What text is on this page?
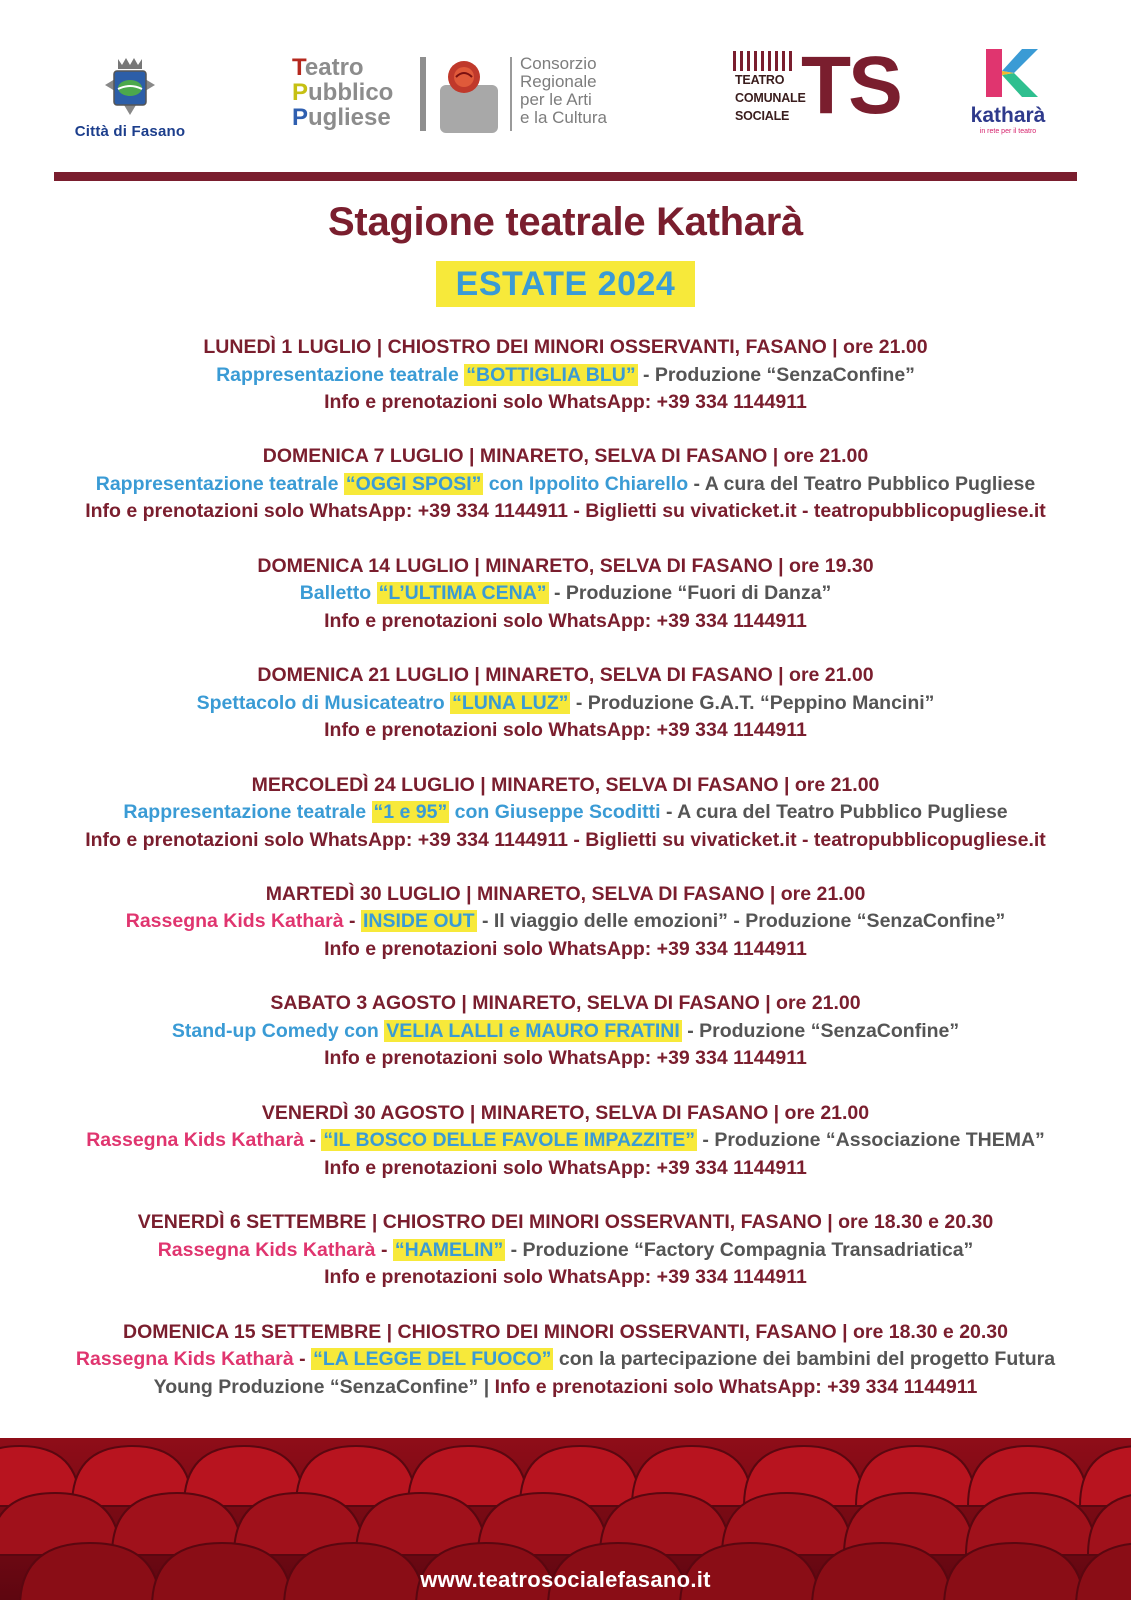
Città di Fasano
Teatro
Pubblico
Pugliese
Consorzio
Regionale
per le Arti
e la Cultura
TEATRO
COMUNALE
SOCIALE TS	katharà
in rete per il teatro
Stagione teatrale Katharà
ESTATE 2024
LUNEDÌ 1 LUGLIO | CHIOSTRO DEI MINORI OSSERVANTI, FASANO | ore 21.00
Rappresentazione teatrale “BOTTIGLIA BLU” - Produzione “SenzaConfine”
Info e prenotazioni solo WhatsApp: +39 334 1144911
DOMENICA 7 LUGLIO | MINARETO, SELVA DI FASANO | ore 21.00
Rappresentazione teatrale “OGGI SPOSI” con Ippolito Chiarello - A cura del Teatro Pubblico Pugliese
Info e prenotazioni solo WhatsApp: +39 334 1144911 - Biglietti su vivaticket.it - teatropubblicopugliese.it
DOMENICA 14 LUGLIO | MINARETO, SELVA DI FASANO | ore 19.30
Balletto “L’ULTIMA CENA” - Produzione “Fuori di Danza”
Info e prenotazioni solo WhatsApp: +39 334 1144911
DOMENICA 21 LUGLIO | MINARETO, SELVA DI FASANO | ore 21.00
Spettacolo di Musicateatro “LUNA LUZ” - Produzione G.A.T. “Peppino Mancini”
Info e prenotazioni solo WhatsApp: +39 334 1144911
MERCOLEDÌ 24 LUGLIO | MINARETO, SELVA DI FASANO | ore 21.00
Rappresentazione teatrale “1 e 95” con Giuseppe Scoditti - A cura del Teatro Pubblico Pugliese
Info e prenotazioni solo WhatsApp: +39 334 1144911 - Biglietti su vivaticket.it - teatropubblicopugliese.it
MARTEDÌ 30 LUGLIO | MINARETO, SELVA DI FASANO | ore 21.00
Rassegna Kids Katharà - INSIDE OUT - Il viaggio delle emozioni” - Produzione “SenzaConfine”
Info e prenotazioni solo WhatsApp: +39 334 1144911
SABATO 3 AGOSTO | MINARETO, SELVA DI FASANO | ore 21.00
Stand-up Comedy con VELIA LALLI e MAURO FRATINI - Produzione “SenzaConfine”
Info e prenotazioni solo WhatsApp: +39 334 1144911
VENERDÌ 30 AGOSTO | MINARETO, SELVA DI FASANO | ore 21.00
Rassegna Kids Katharà - “IL BOSCO DELLE FAVOLE IMPAZZITE” - Produzione “Associazione THEMA”
Info e prenotazioni solo WhatsApp: +39 334 1144911
VENERDÌ 6 SETTEMBRE | CHIOSTRO DEI MINORI OSSERVANTI, FASANO | ore 18.30 e 20.30
Rassegna Kids Katharà - “HAMELIN” - Produzione “Factory Compagnia Transadriatica”
Info e prenotazioni solo WhatsApp: +39 334 1144911
DOMENICA 15 SETTEMBRE | CHIOSTRO DEI MINORI OSSERVANTI, FASANO | ore 18.30 e 20.30
Rassegna Kids Katharà - “LA LEGGE DEL FUOCO” con la partecipazione dei bambini del progetto Futura
Young Produzione “SenzaConfine” | Info e prenotazioni solo WhatsApp: +39 334 1144911
www.teatrosocialefasano.it
